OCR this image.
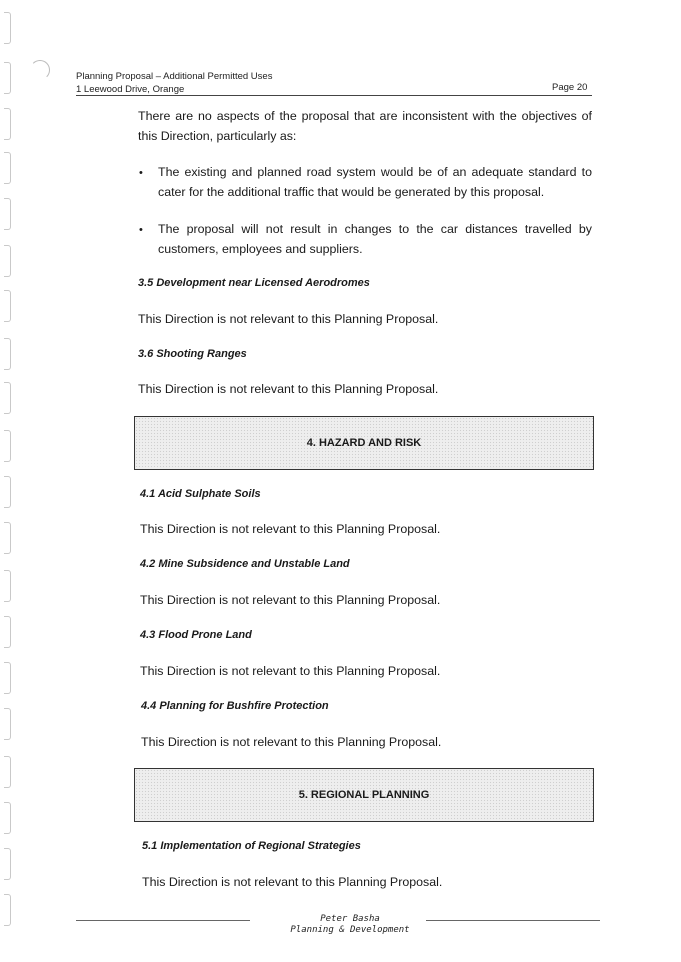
Planning Proposal – Additional Permitted Uses
1 Leewood Drive, Orange	Page 20
There are no aspects of the proposal that are inconsistent with the objectives of this Direction, particularly as:
• The existing and planned road system would be of an adequate standard to cater for the additional traffic that would be generated by this proposal.
• The proposal will not result in changes to the car distances travelled by customers, employees and suppliers.
3.5 Development near Licensed Aerodromes
This Direction is not relevant to this Planning Proposal.
3.6 Shooting Ranges
This Direction is not relevant to this Planning Proposal.
4. HAZARD AND RISK
4.1 Acid Sulphate Soils
This Direction is not relevant to this Planning Proposal.
4.2 Mine Subsidence and Unstable Land
This Direction is not relevant to this Planning Proposal.
4.3 Flood Prone Land
This Direction is not relevant to this Planning Proposal.
4.4 Planning for Bushfire Protection
This Direction is not relevant to this Planning Proposal.
5. REGIONAL PLANNING
5.1 Implementation of Regional Strategies
This Direction is not relevant to this Planning Proposal.
Peter Basha
Planning & Development
